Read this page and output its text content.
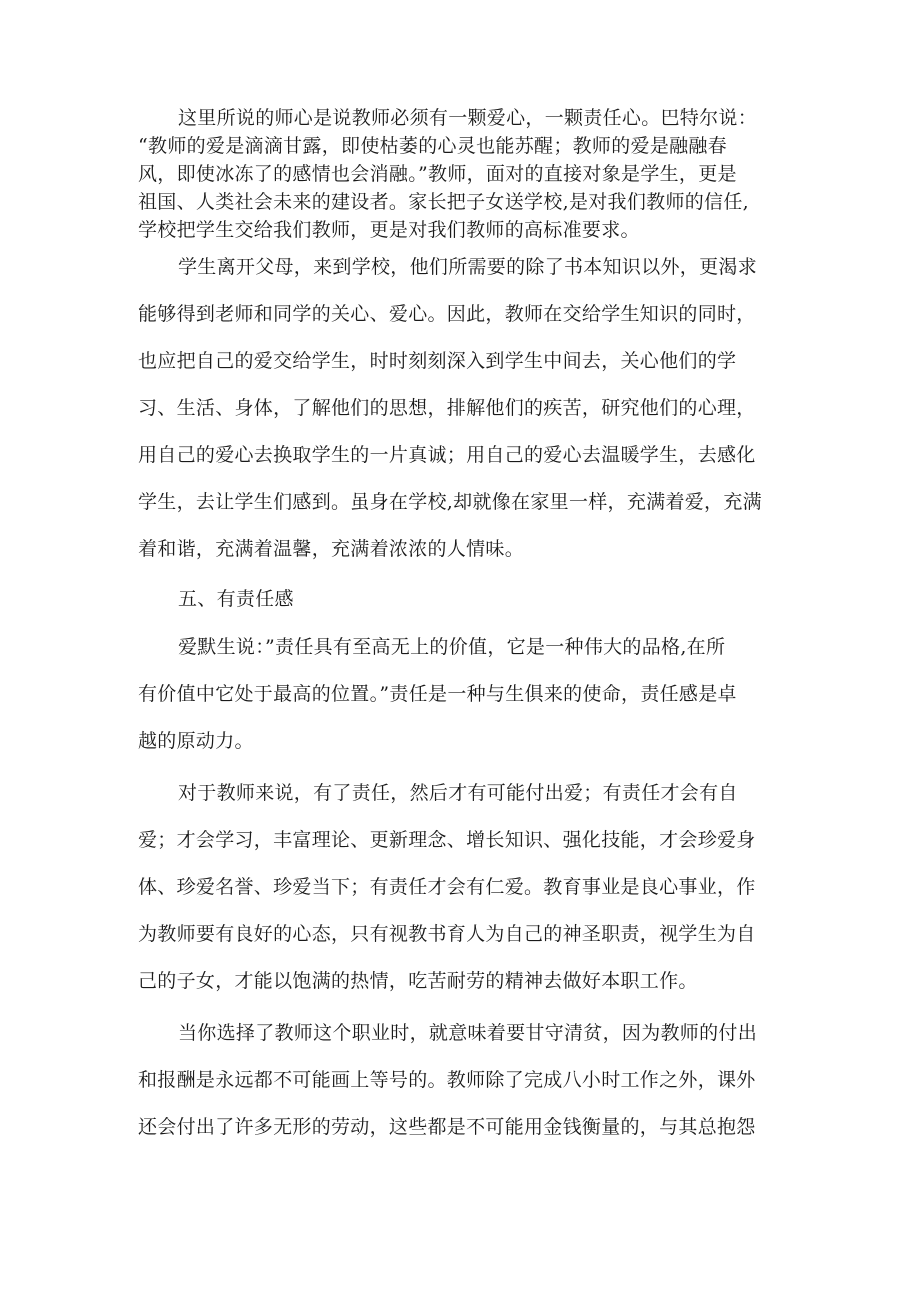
这里所说的师心是说教师必须有一颗爱心，一颗责任心。巴特尔说：
“教师的爱是滴滴甘露，即使枯萎的心灵也能苏醒；教师的爱是融融春
风，即使冰冻了的感情也会消融。”教师，面对的直接对象是学生，更是
祖国、人类社会未来的建设者。家长把子女送学校,是对我们教师的信任,
学校把学生交给我们教师，更是对我们教师的高标准要求。
学生离开父母，来到学校，他们所需要的除了书本知识以外，更渴求
能够得到老师和同学的关心、爱心。因此，教师在交给学生知识的同时，
也应把自己的爱交给学生，时时刻刻深入到学生中间去，关心他们的学
习、生活、身体，了解他们的思想，排解他们的疾苦，研究他们的心理，
用自己的爱心去换取学生的一片真诚；用自己的爱心去温暖学生，去感化
学生，去让学生们感到。虽身在学校,却就像在家里一样，充满着爱，充满
着和谐，充满着温馨，充满着浓浓的人情味。
五、有责任感
爱默生说：”责任具有至高无上的价值，它是一种伟大的品格,在所
有价值中它处于最高的位置。”责任是一种与生俱来的使命，责任感是卓
越的原动力。
对于教师来说，有了责任，然后才有可能付出爱；有责任才会有自
爱；才会学习，丰富理论、更新理念、增长知识、强化技能，才会珍爱身
体、珍爱名誉、珍爱当下；有责任才会有仁爱。教育事业是良心事业，作
为教师要有良好的心态，只有视教书育人为自己的神圣职责，视学生为自
己的子女，才能以饱满的热情，吃苦耐劳的精神去做好本职工作。
当你选择了教师这个职业时，就意味着要甘守清贫，因为教师的付出
和报酬是永远都不可能画上等号的。教师除了完成八小时工作之外，课外
还会付出了许多无形的劳动，这些都是不可能用金钱衡量的，与其总抱怨
